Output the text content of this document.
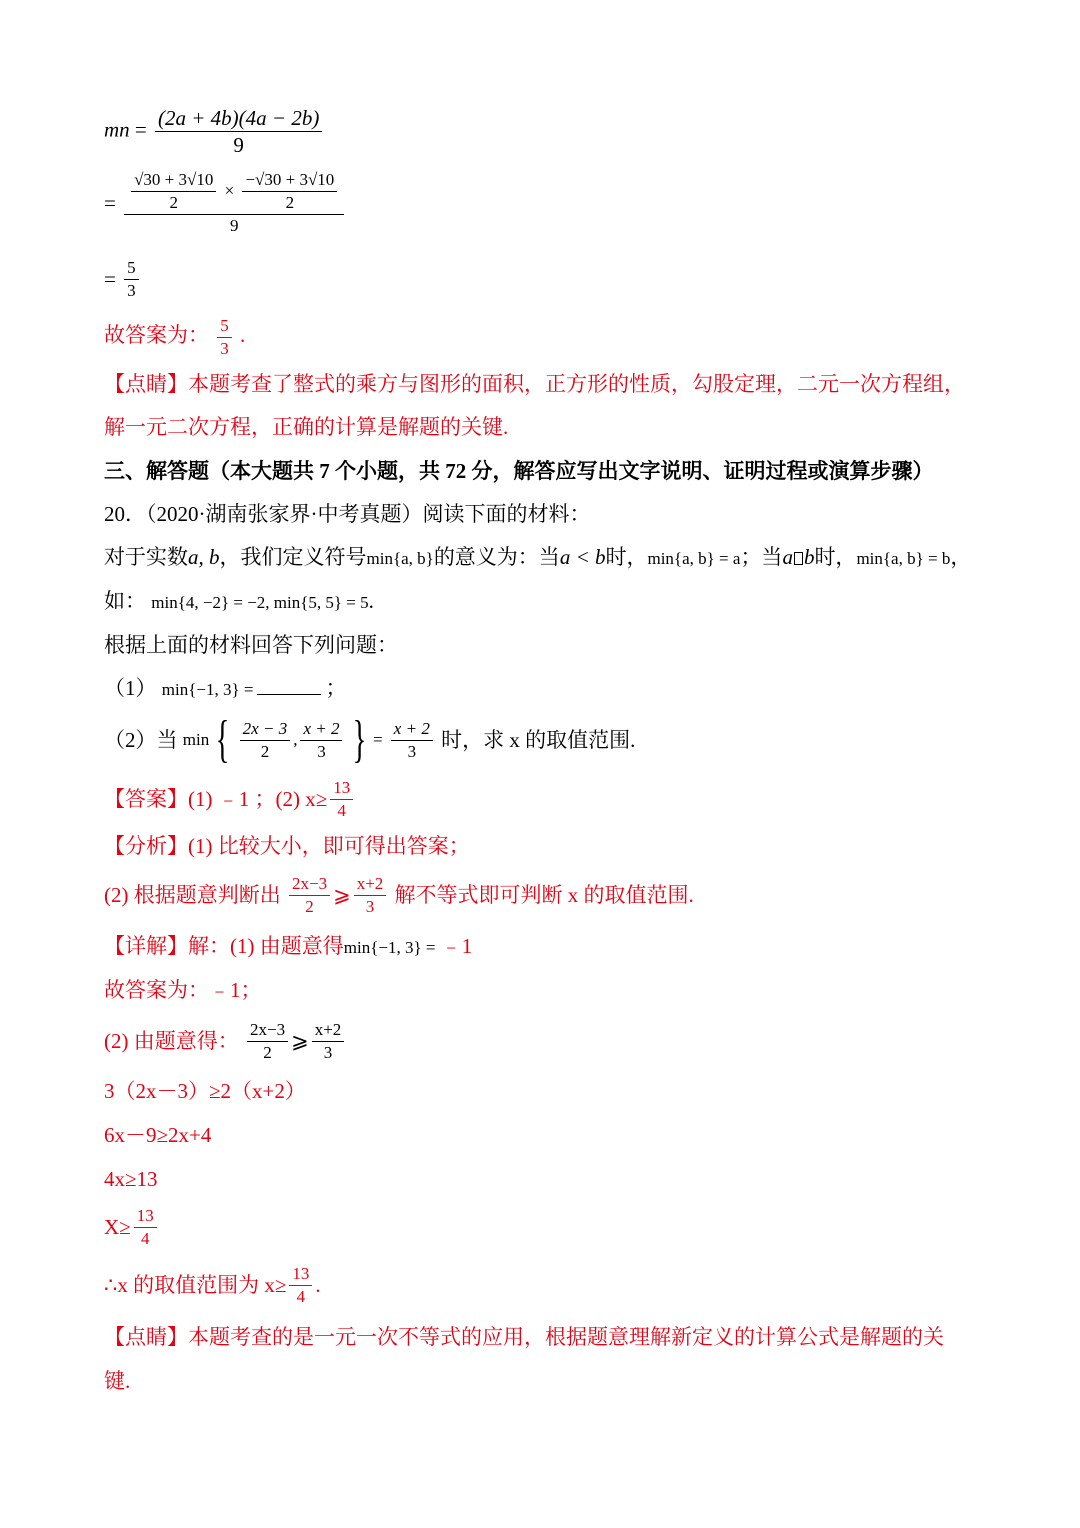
mn = $\frac{(2a + 4b)(4a - 2b)}{9}$
= $\frac{√30 + 3√10}{2} \times \frac{-√30 + 3√10}{2}$
9
= $\frac{5}{3}$
故答案为： $\frac{5}{3}$ .
【点睛】本题考查了整式的乘方与图形的面积，正方形的性质，勾股定理，二元一次方程组，
解一元二次方程，正确的计算是解题的关键.
三、解答题（本大题共 7 个小题，共 72 分，解答应写出文字说明、证明过程或演算步骤）
20．（2020·湖南张家界·中考真题）阅读下面的材料：
对于实数a, b，我们定义符号min{a, b}的意义为：当a < b时，min{a, b} = a；当a b时，min{a, b} = b，
如： min{4, −2} = −2, min{5, 5} = 5.
根据上面的材料回答下列问题：
（1） min{−1, 3} =	；
（2）当 min { $\frac{2x - 3}{2}$ , $\frac{x + 2}{3}$ } = $\frac{x + 2}{3}$ 时，求 x 的取值范围.
【答案】(1) ﹣1 ；(2) $x\ge \frac{13}{4}$
【分析】(1) 比较大小，即可得出答案；
(2) 根据题意判断出 $\frac{2x-3}{2}$ ⩾ $\frac{x+2}{3}$ 解不等式即可判断 x 的取值范围.
【详解】解：(1) 由题意得min{−1, 3} = ﹣1
故答案为：﹣1；
(2) 由题意得： $\frac{2x-3}{2}$ ⩾ $\frac{x+2}{3}$
3（2x－3）≥2（x+2）
6x－9≥2x+4
4x≥13
$X\ge \frac{13}{4}$
∴x 的取值范围为 $x\ge \frac{13}{4}$ .
【点睛】本题考查的是一元一次不等式的应用，根据题意理解新定义的计算公式是解题的关
键.
